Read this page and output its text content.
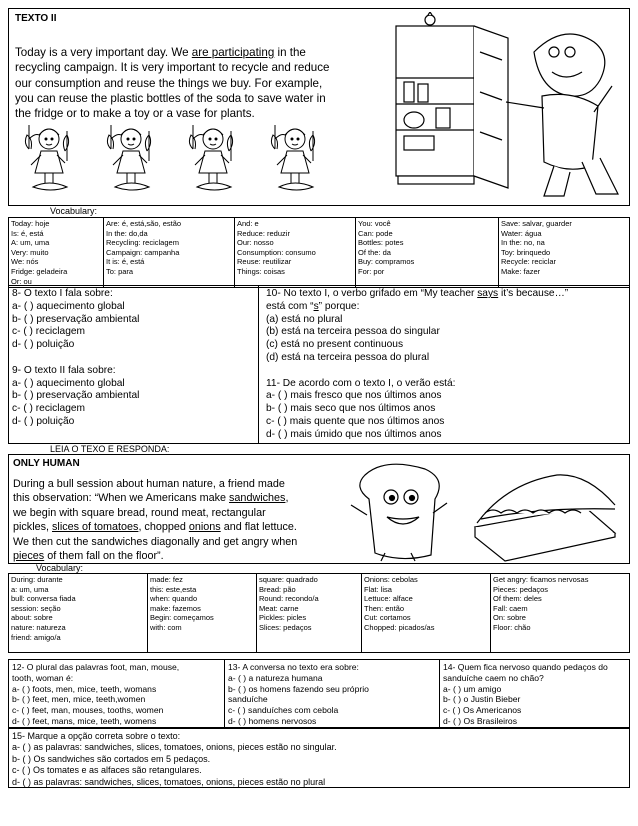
TEXTO II
Today is a very important day. We are participating in the
recycling campaign. It is very important to recycle and reduce
our consumption and reuse the things we buy. For example,
you can reuse the plastic bottles of the soda to save water in
the fridge or to make a toy or a vase for plants.
Vocabulary:
Today: hoje
Is: é, está
A: um, uma
Very: muito
We: nós
Fridge: geladeira
Or: ou

Are: é, está,são, estão
In the: do,da
Recycling: reciclagem
Campaign: campanha
It is: é, está
To: para

And: e
Reduce: reduzir
Our: nosso
Consumption: consumo
Reuse: reutilizar
Things: coisas

You: você
Can: pode
Bottles: potes
Of the: da
Buy: compramos
For: por

Save: salvar, guarder
Water: água
In the: no, na
Toy: brinquedo
Recycle: reciclar
Make: fazer
8- O texto I fala sobre:
a- ( ) aquecimento global
b- ( ) preservação ambiental
c- ( ) reciclagem
d- ( ) poluição

9- O texto II fala sobre:
a- ( ) aquecimento global
b- ( ) preservação ambiental
c- ( ) reciclagem
d- ( ) poluição
10- No texto I, o verbo grifado em “My teacher says it’s because…”
está com “s” porque:
(a) está no plural
(b) está na terceira pessoa do singular
(c) está no present continuous
(d) está na terceira pessoa do plural

11- De acordo com o texto I, o verão está:
a- ( ) mais fresco que nos últimos anos
b- ( ) mais seco que nos últimos anos
c- ( ) mais quente que nos últimos anos
d- ( ) mais úmido que nos últimos anos
LEIA O TEXO E RESPONDA:
ONLY HUMAN
During a bull session about human nature, a friend made
this observation: “When we Americans make sandwiches,
we begin with square bread, round meat, rectangular
pickles, slices of tomatoes, chopped onions and flat lettuce.
We then cut the sandwiches diagonally and get angry when
pieces of them fall on the floor”.
Vocabulary:
During: durante
a: um, uma
bull: conversa fiada
session: seção
about: sobre
nature: natureza
friend: amigo/a

made: fez
this: este,esta
when: quando
make: fazemos
Begin: começamos
with: com

square: quadrado
Bread: pão
Round: recondo/a
Meat: carne
Pickles: picles
Slices: pedaços

Onions: cebolas
Flat: lisa
Lettuce: alface
Then: então
Cut: cortamos
Chopped: picados/as

Get angry: ficamos nervosas
Pieces: pedaços
Of them: deles
Fall: caem
On: sobre
Floor: chão
12- O plural das palavras foot, man, mouse,
tooth, woman é:
a- ( ) foots, men, mice, teeth, womans
b- ( ) feet, men, mice, teeth,women
c- ( ) feet, man, mouses, tooths, women
d- ( ) feet, mans, mice, teeth, womens
13- A conversa no texto era sobre:
a- ( ) a natureza humana
b- ( ) os homens fazendo seu próprio
sanduíche
c- ( ) sanduíches com cebola
d- ( ) homens nervosos
14- Quem fica nervoso quando pedaços do
sanduíche caem no chão?
a- ( ) um amigo
b- ( ) o Justin Bieber
c- ( ) Os Americanos
d- ( ) Os Brasileiros
15- Marque a opção correta sobre o texto:
a- ( ) as palavras: sandwiches, slices, tomatoes, onions, pieces estão no singular.
b- ( ) Os sandwiches são cortados em 5 pedaços.
c- ( ) Os tomates e as alfaces são retangulares.
d- ( ) as palavras: sandwiches, slices, tomatoes, onions, pieces estão no plural
